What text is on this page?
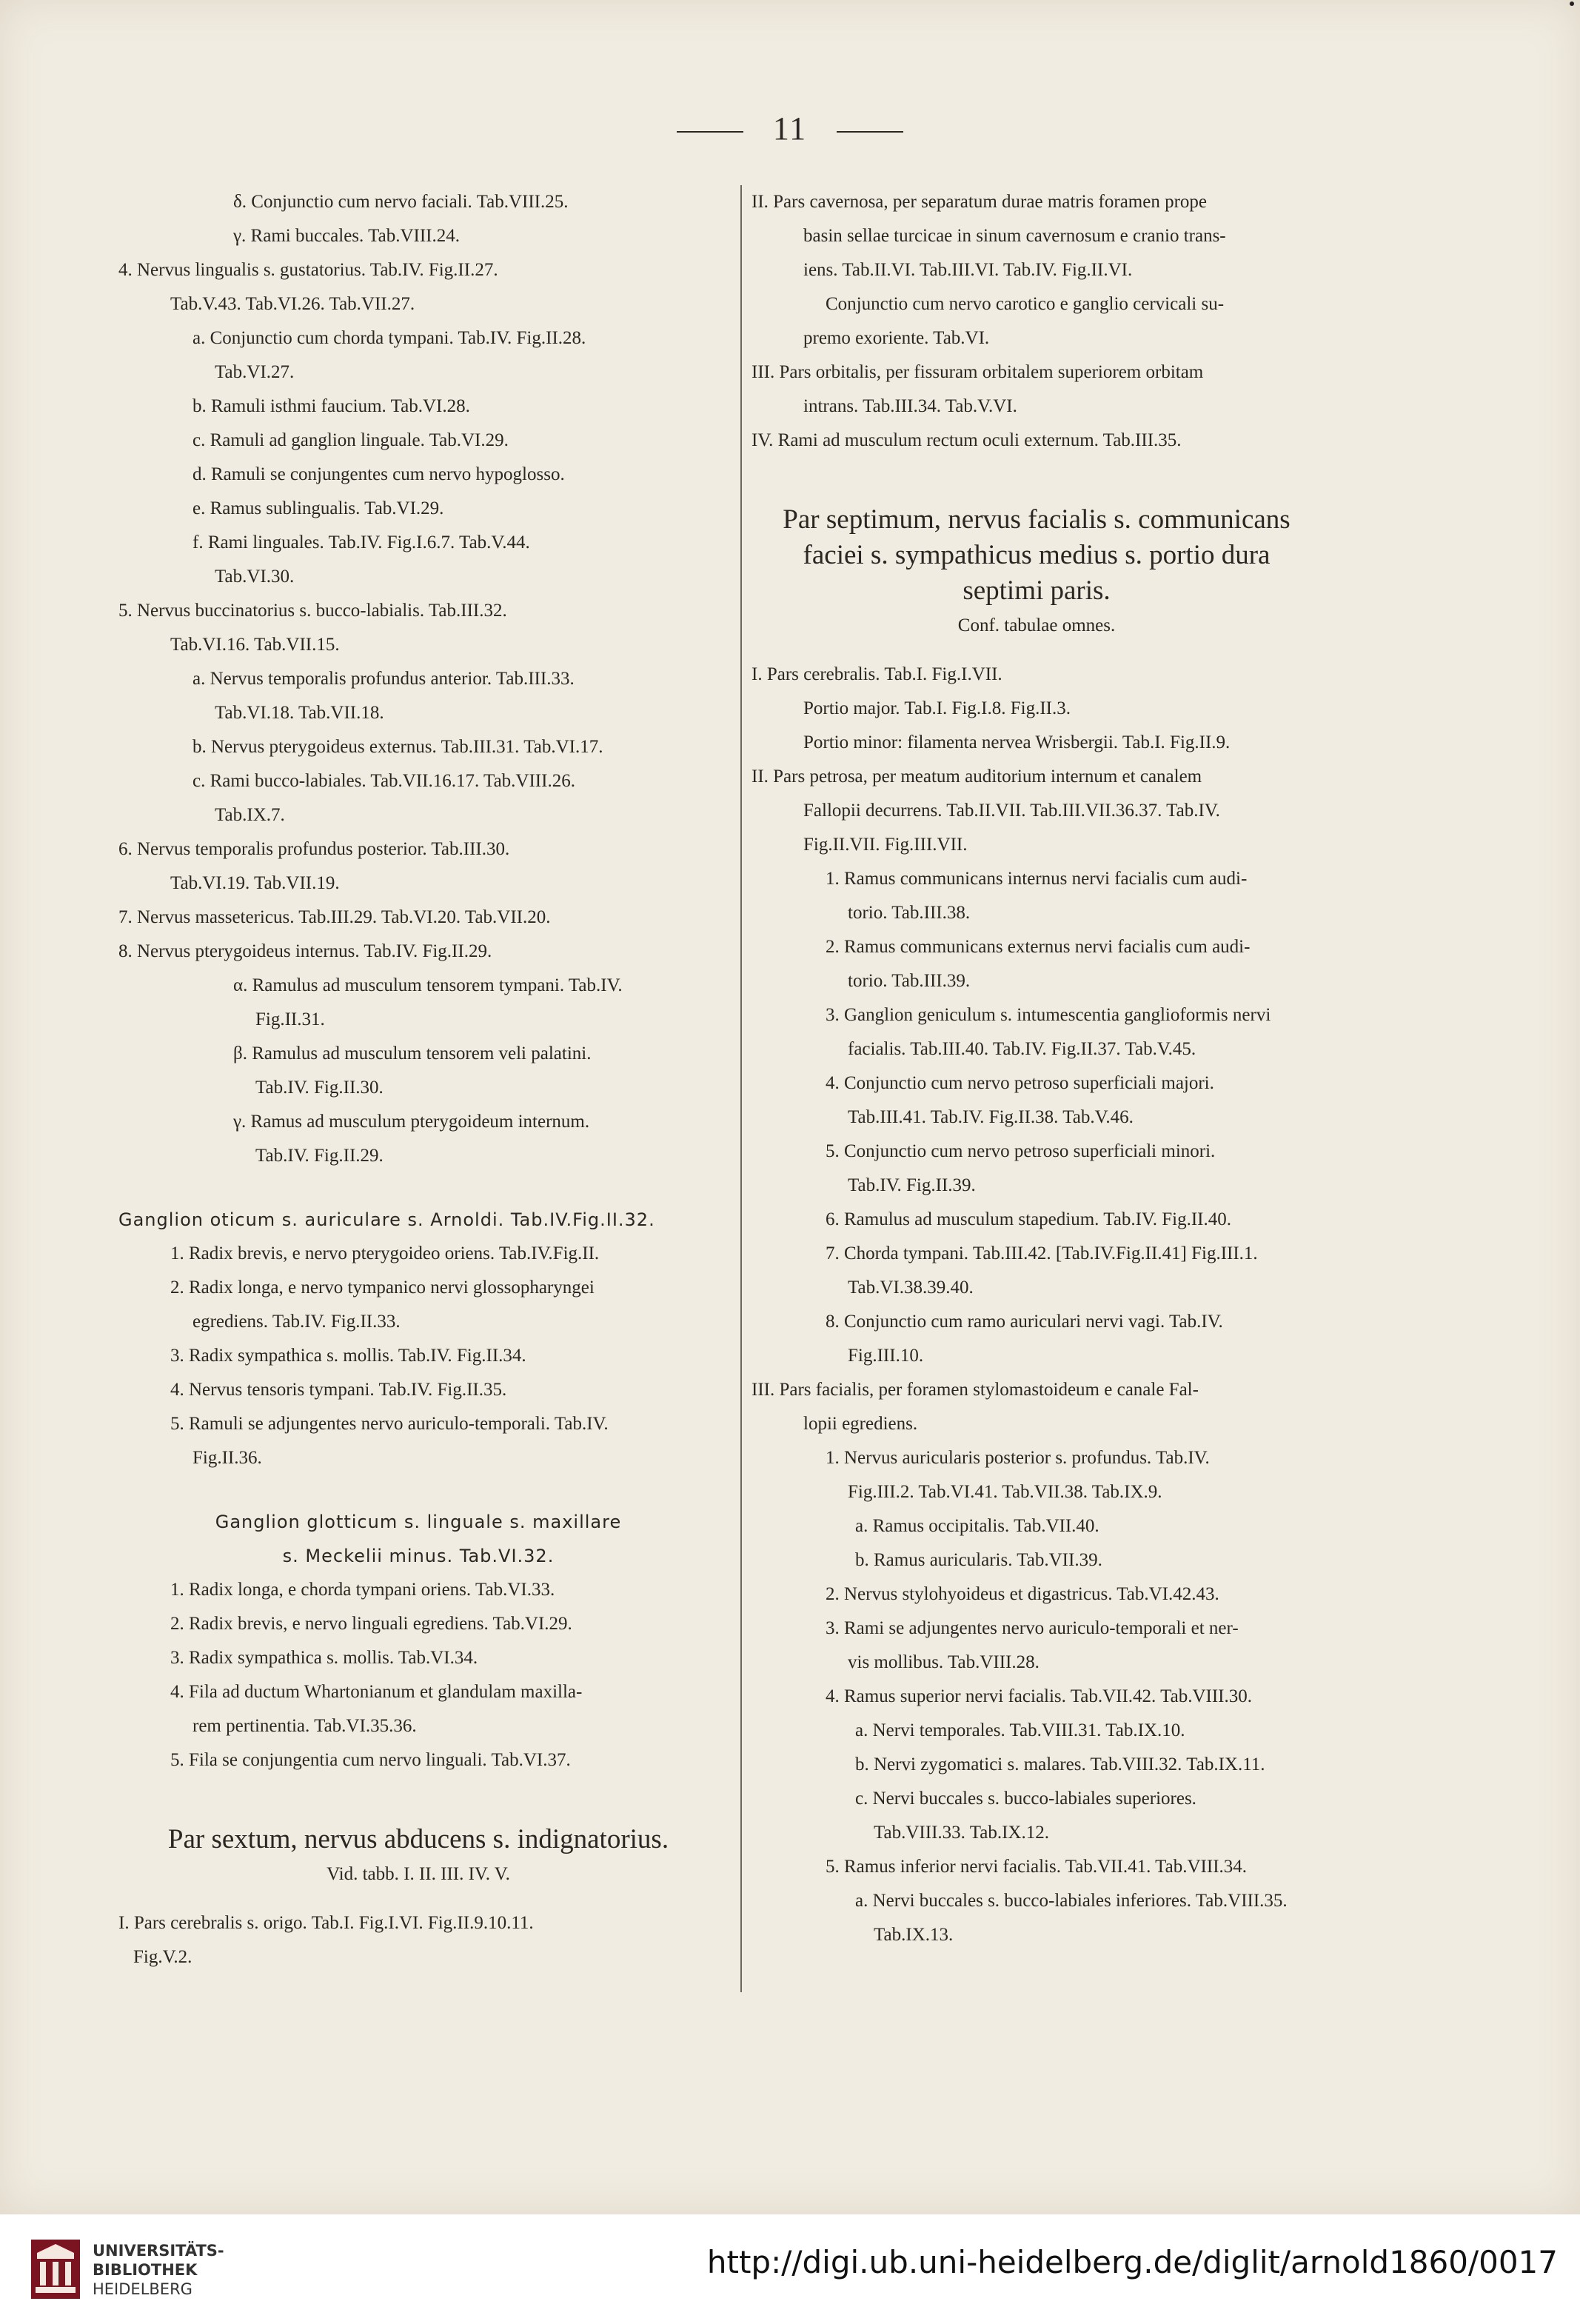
11
δ. Conjunctio cum nervo faciali. Tab.VIII.25.
γ. Rami buccales. Tab.VIII.24.
4. Nervus lingualis s. gustatorius. Tab.IV. Fig.II.27.
Tab.V.43. Tab.VI.26. Tab.VII.27.
a. Conjunctio cum chorda tympani. Tab.IV. Fig.II.28.
Tab.VI.27.
b. Ramuli isthmi faucium. Tab.VI.28.
c. Ramuli ad ganglion linguale. Tab.VI.29.
d. Ramuli se conjungentes cum nervo hypoglosso.
e. Ramus sublingualis. Tab.VI.29.
f. Rami linguales. Tab.IV. Fig.I.6.7. Tab.V.44.
Tab.VI.30.
5. Nervus buccinatorius s. bucco-labialis. Tab.III.32.
Tab.VI.16. Tab.VII.15.
a. Nervus temporalis profundus anterior. Tab.III.33.
Tab.VI.18. Tab.VII.18.
b. Nervus pterygoideus externus. Tab.III.31. Tab.VI.17.
c. Rami bucco-labiales. Tab.VII.16.17. Tab.VIII.26.
Tab.IX.7.
6. Nervus temporalis profundus posterior. Tab.III.30.
Tab.VI.19. Tab.VII.19.
7. Nervus massetericus. Tab.III.29. Tab.VI.20. Tab.VII.20.
8. Nervus pterygoideus internus. Tab.IV. Fig.II.29.
α. Ramulus ad musculum tensorem tympani. Tab.IV.
Fig.II.31.
β. Ramulus ad musculum tensorem veli palatini.
Tab.IV. Fig.II.30.
γ. Ramus ad musculum pterygoideum internum.
Tab.IV. Fig.II.29.
Ganglion oticum s. auriculare s. Arnoldi. Tab.IV.Fig.II.32.
1. Radix brevis, e nervo pterygoideo oriens. Tab.IV.Fig.II.
2. Radix longa, e nervo tympanico nervi glossopharyngei
egrediens. Tab.IV. Fig.II.33.
3. Radix sympathica s. mollis. Tab.IV. Fig.II.34.
4. Nervus tensoris tympani. Tab.IV. Fig.II.35.
5. Ramuli se adjungentes nervo auriculo-temporali. Tab.IV.
Fig.II.36.
Ganglion glotticum s. linguale s. maxillare
s. Meckelii minus. Tab.VI.32.
1. Radix longa, e chorda tympani oriens. Tab.VI.33.
2. Radix brevis, e nervo linguali egrediens. Tab.VI.29.
3. Radix sympathica s. mollis. Tab.VI.34.
4. Fila ad ductum Whartonianum et glandulam maxilla-
rem pertinentia. Tab.VI.35.36.
5. Fila se conjungentia cum nervo linguali. Tab.VI.37.
Par sextum, nervus abducens s. indignatorius.
Vid. tabb. I. II. III. IV. V.
I. Pars cerebralis s. origo. Tab.I. Fig.I.VI. Fig.II.9.10.11.
Fig.V.2.
II. Pars cavernosa, per separatum durae matris foramen prope
basin sellae turcicae in sinum cavernosum e cranio trans-
iens. Tab.II.VI. Tab.III.VI. Tab.IV. Fig.II.VI.
Conjunctio cum nervo carotico e ganglio cervicali su-
premo exoriente. Tab.VI.
III. Pars orbitalis, per fissuram orbitalem superiorem orbitam
intrans. Tab.III.34. Tab.V.VI.
IV. Rami ad musculum rectum oculi externum. Tab.III.35.
Par septimum, nervus facialis s. communicans
faciei s. sympathicus medius s. portio dura
septimi paris.
Conf. tabulae omnes.
I. Pars cerebralis. Tab.I. Fig.I.VII.
Portio major. Tab.I. Fig.I.8. Fig.II.3.
Portio minor: filamenta nervea Wrisbergii. Tab.I. Fig.II.9.
II. Pars petrosa, per meatum auditorium internum et canalem
Fallopii decurrens. Tab.II.VII. Tab.III.VII.36.37. Tab.IV.
Fig.II.VII. Fig.III.VII.
1. Ramus communicans internus nervi facialis cum audi-
torio. Tab.III.38.
2. Ramus communicans externus nervi facialis cum audi-
torio. Tab.III.39.
3. Ganglion geniculum s. intumescentia ganglioformis nervi
facialis. Tab.III.40. Tab.IV. Fig.II.37. Tab.V.45.
4. Conjunctio cum nervo petroso superficiali majori.
Tab.III.41. Tab.IV. Fig.II.38. Tab.V.46.
5. Conjunctio cum nervo petroso superficiali minori.
Tab.IV. Fig.II.39.
6. Ramulus ad musculum stapedium. Tab.IV. Fig.II.40.
7. Chorda tympani. Tab.III.42. [Tab.IV.Fig.II.41] Fig.III.1.
Tab.VI.38.39.40.
8. Conjunctio cum ramo auriculari nervi vagi. Tab.IV.
Fig.III.10.
III. Pars facialis, per foramen stylomastoideum e canale Fal-
lopii egrediens.
1. Nervus auricularis posterior s. profundus. Tab.IV.
Fig.III.2. Tab.VI.41. Tab.VII.38. Tab.IX.9.
a. Ramus occipitalis. Tab.VII.40.
b. Ramus auricularis. Tab.VII.39.
2. Nervus stylohyoideus et digastricus. Tab.VI.42.43.
3. Rami se adjungentes nervo auriculo-temporali et ner-
vis mollibus. Tab.VIII.28.
4. Ramus superior nervi facialis. Tab.VII.42. Tab.VIII.30.
a. Nervi temporales. Tab.VIII.31. Tab.IX.10.
b. Nervi zygomatici s. malares. Tab.VIII.32. Tab.IX.11.
c. Nervi buccales s. bucco-labiales superiores.
Tab.VIII.33. Tab.IX.12.
5. Ramus inferior nervi facialis. Tab.VII.41. Tab.VIII.34.
a. Nervi buccales s. bucco-labiales inferiores. Tab.VIII.35.
Tab.IX.13.
UNIVERSITÄTS-
BIBLIOTHEK
HEIDELBERG
http://digi.ub.uni-heidelberg.de/diglit/arnold1860/0017
